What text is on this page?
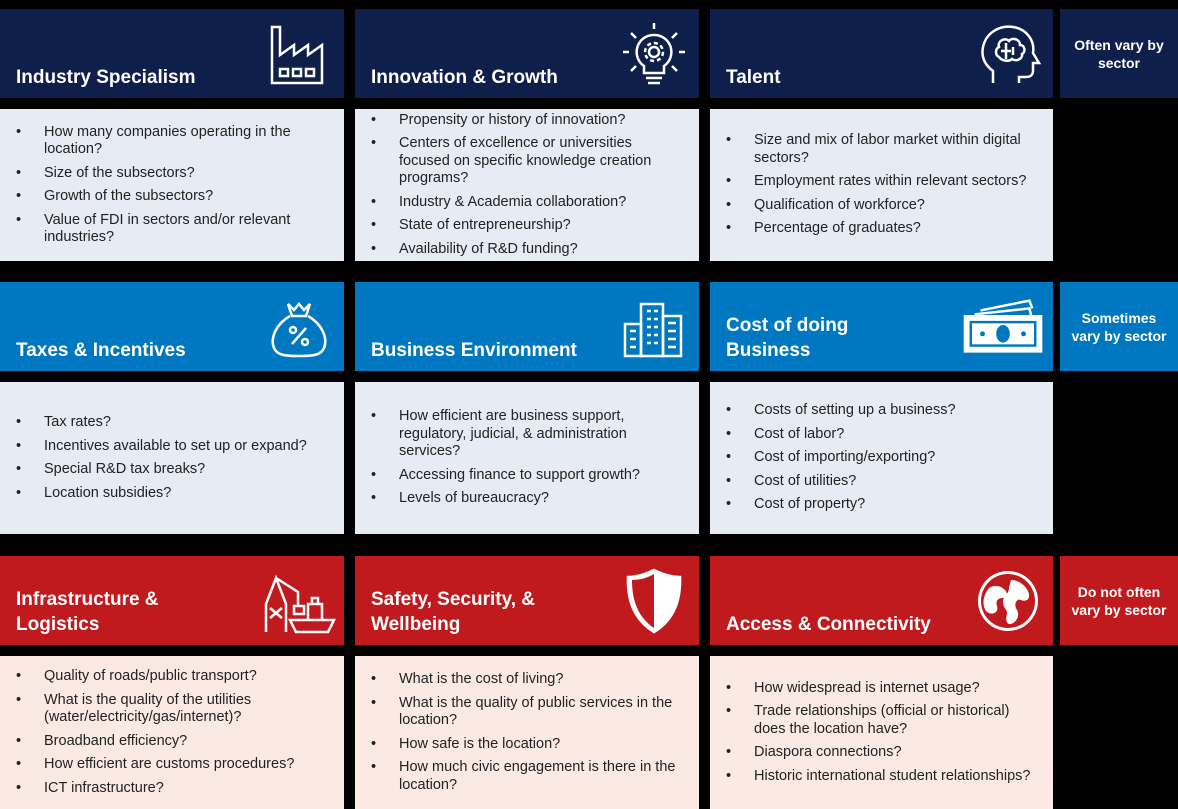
Industry Specialism	Innovation & Growth	Talent
Often vary by sector
• How many companies operating in the location?
• Size of the subsectors?
• Growth of the subsectors?
• Value of FDI in sectors and/or relevant industries?
• Propensity or history of innovation?
• Centers of excellence or universities focused on specific knowledge creation programs?
• Industry & Academia collaboration?
• State of entrepreneurship?
• Availability of R&D funding?
• Size and mix of labor market within digital sectors?
• Employment rates within relevant sectors?
• Qualification of workforce?
• Percentage of graduates?
Taxes & Incentives	Business Environment
Cost of doing Business
Sometimes vary by sector
• Tax rates?
• Incentives available to set up or expand?
• Special R&D tax breaks?
• Location subsidies?
• How efficient are business support, regulatory, judicial, & administration services?
• Accessing finance to support growth?
• Levels of bureaucracy?
• Costs of setting up a business?
• Cost of labor?
• Cost of importing/exporting?
• Cost of utilities?
• Cost of property?
Infrastructure & Logistics
Safety, Security, & Wellbeing	Access & Connectivity
Do not often vary by sector
• Quality of roads/public transport?
• What is the quality of the utilities (water/electricity/gas/internet)?
• Broadband efficiency?
• How efficient are customs procedures?
• ICT infrastructure?
• What is the cost of living?
• What is the quality of public services in the location?
• How safe is the location?
• How much civic engagement is there in the location?
• How widespread is internet usage?
• Trade relationships (official or historical) does the location have?
• Diaspora connections?
• Historic international student relationships?
